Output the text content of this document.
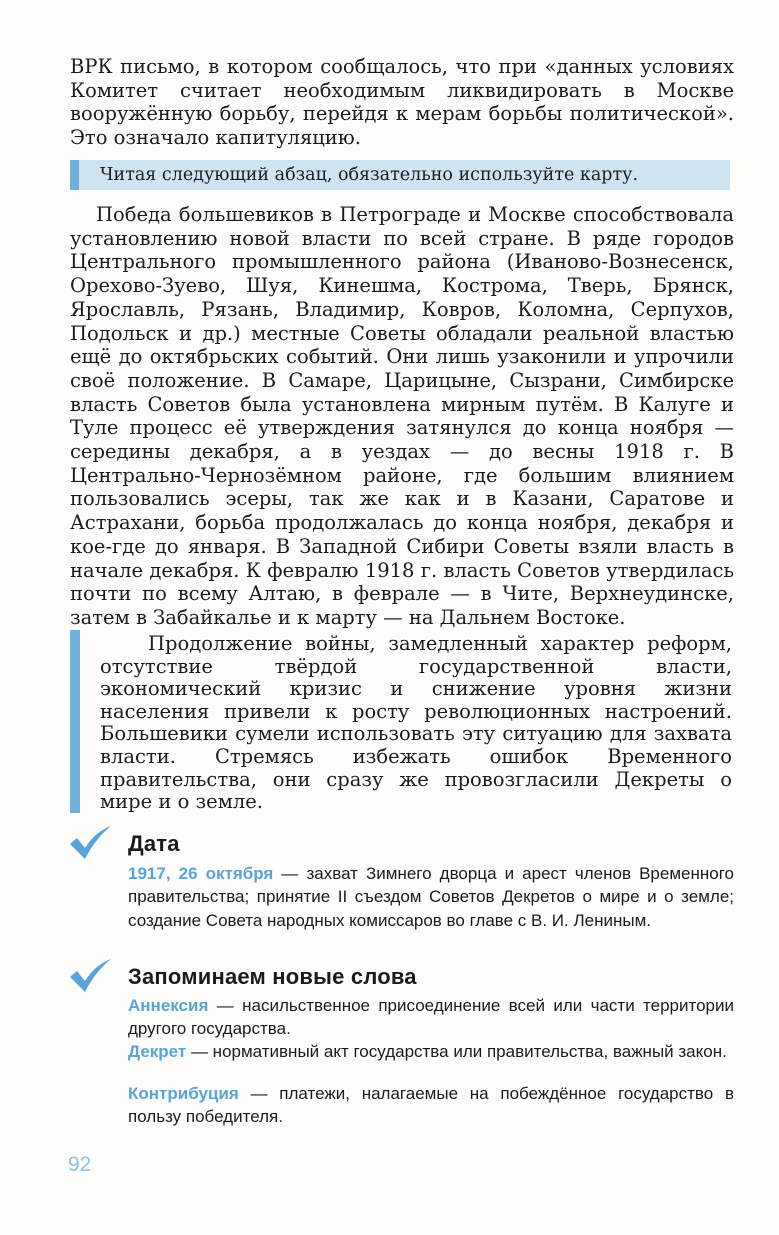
ВРК письмо, в котором сообщалось, что при «данных условиях Комитет считает необходимым ликвидировать в Москве вооружённую борьбу, перейдя к мерам борьбы политической». Это означало капитуляцию.
Читая следующий абзац, обязательно используйте карту.
Победа большевиков в Петрограде и Москве способствовала установлению новой власти по всей стране. В ряде городов Центрального промышленного района (Иваново-Вознесенск, Орехово-Зуево, Шуя, Кинешма, Кострома, Тверь, Брянск, Ярославль, Рязань, Владимир, Ковров, Коломна, Серпухов, Подольск и др.) местные Советы обладали реальной властью ещё до октябрьских событий. Они лишь узаконили и упрочили своё положение. В Самаре, Царицыне, Сызрани, Симбирске власть Советов была установлена мирным путём. В Калуге и Туле процесс её утверждения затянулся до конца ноября — середины декабря, а в уездах — до весны 1918 г. В Центрально-Чернозёмном районе, где большим влиянием пользовались эсеры, так же как и в Казани, Саратове и Астрахани, борьба продолжалась до конца ноября, декабря и кое-где до января. В Западной Сибири Советы взяли власть в начале декабря. К февралю 1918 г. власть Советов утвердилась почти по всему Алтаю, в феврале — в Чите, Верхнеудинске, затем в Забайкалье и к марту — на Дальнем Востоке.
Продолжение войны, замедленный характер реформ, отсутствие твёрдой государственной власти, экономический кризис и снижение уровня жизни населения привели к росту революционных настроений. Большевики сумели использовать эту ситуацию для захвата власти. Стремясь избежать ошибок Временного правительства, они сразу же провозгласили Декреты о мире и о земле.
Дата
1917, 26 октября — захват Зимнего дворца и арест членов Временного правительства; принятие II съездом Советов Декретов о мире и о земле; создание Совета народных комиссаров во главе с В. И. Лениным.
Запоминаем новые слова
Аннексия — насильственное присоединение всей или части территории другого государства.
Декрет — нормативный акт государства или правительства, важный закон.
Контрибуция — платежи, налагаемые на побеждённое государство в пользу победителя.
92
